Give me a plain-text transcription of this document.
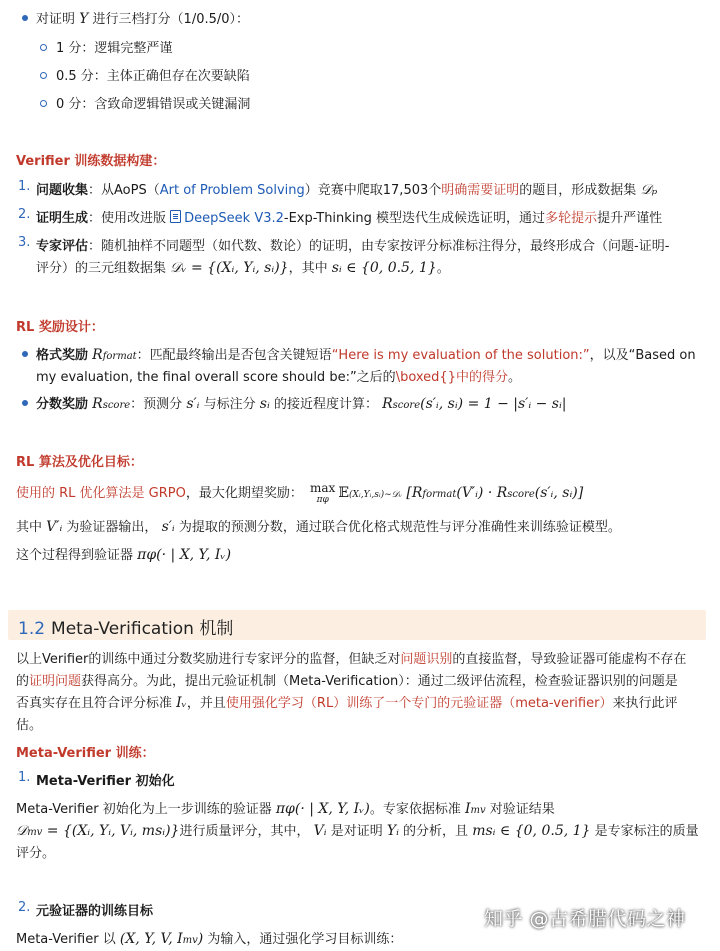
对证明 Y 进行三档打分（1/0.5/0）：
1 分：逻辑完整严谨
0.5 分：主体正确但存在次要缺陷
0 分：含致命逻辑错误或关键漏洞
Verifier 训练数据构建：
1. 问题收集：从AoPS（Art of Problem Solving）竞赛中爬取17,503个明确需要证明的题目，形成数据集 𝒟ₚ
2. 证明生成：使用改进版 DeepSeek V3.2-Exp-Thinking 模型迭代生成候选证明，通过多轮提示提升严谨性
3. 专家评估：随机抽样不同题型（如代数、数论）的证明，由专家按评分标准标注得分，最终形成合（问题-证明-
评分）的三元组数据集 𝒟ᵥ = {(Xᵢ, Yᵢ, sᵢ)}，其中 sᵢ ∈ {0, 0.5, 1}。
RL 奖励设计：
格式奖励 Rformat：匹配最终输出是否包含关键短语“Here is my evaluation of the solution:”，以及“Based on
my evaluation, the final overall score should be:”之后的\boxed{}中的得分。
分数奖励 Rscore：预测分 s′ᵢ 与标注分 sᵢ 的接近程度计算： Rscore(s′ᵢ, sᵢ) = 1 − |s′ᵢ − sᵢ|
RL 算法及优化目标：
使用的 RL 优化算法是 GRPO，最大化期望奖励： max
πφ 𝔼(Xᵢ,Yᵢ,sᵢ)∼𝒟ᵥ [Rformat(V′ᵢ) · Rscore(s′ᵢ, sᵢ)]
其中 V′ᵢ 为验证器输出， s′ᵢ 为提取的预测分数，通过联合优化格式规范性与评分准确性来训练验证模型。
这个过程得到验证器 πφ(· | X, Y, Iᵥ)
1.2 Meta-Verification 机制
以上Verifier的训练中通过分数奖励进行专家评分的监督，但缺乏对问题识别的直接监督，导致验证器可能虚构不存在
的证明问题获得高分。为此，提出元验证机制（Meta-Verification）：通过二级评估流程，检查验证器识别的问题是
否真实存在且符合评分标准 Iᵥ，并且使用强化学习（RL）训练了一个专门的元验证器（meta-verifier）来执行此评
估。
Meta-Verifier 训练：
1. Meta-Verifier 初始化
Meta-Verifier 初始化为上一步训练的验证器 πφ(· | X, Y, Iᵥ)。专家依据标准 Imv 对验证结果
𝒟mv = {(Xᵢ, Yᵢ, Vᵢ, msᵢ)}进行质量评分，其中， Vᵢ 是对证明 Yᵢ 的分析，且 msᵢ ∈ {0, 0.5, 1} 是专家标注的质量
评分。
2. 元验证器的训练目标
Meta-Verifier 以 (X, Y, V, Imv) 为输入，通过强化学习目标训练：
知乎 @古希腊代码之神
